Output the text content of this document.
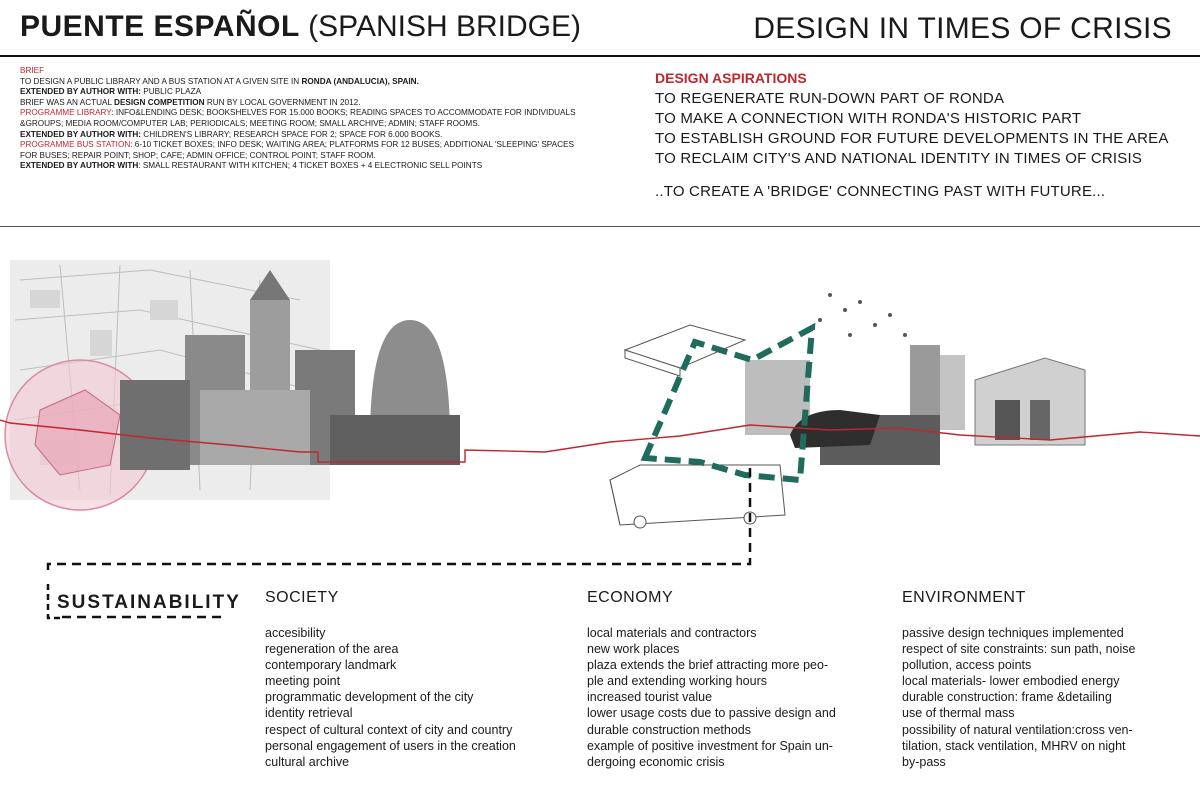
PUENTE ESPAÑOL (SPANISH BRIDGE)	DESIGN IN TIMES OF CRISIS
BRIEF
TO DESIGN A PUBLIC LIBRARY AND A BUS STATION AT A GIVEN SITE IN RONDA (ANDALUCIA), SPAIN.
EXTENDED BY AUTHOR WITH: PUBLIC PLAZA
BRIEF WAS AN ACTUAL DESIGN COMPETITION RUN BY LOCAL GOVERNMENT IN 2012.
PROGRAMME LIBRARY: INFO&LENDING DESK; BOOKSHELVES FOR 15.000 BOOKS; READING SPACES TO ACCOMMODATE FOR INDIVIDUALS &GROUPS; MEDIA ROOM/COMPUTER LAB; PERIODICALS; MEETING ROOM; SMALL ARCHIVE; ADMIN; STAFF ROOMS.
EXTENDED BY AUTHOR WITH: CHILDREN'S LIBRARY; RESEARCH SPACE FOR 2; SPACE FOR 6.000 BOOKS.
PROGRAMME BUS STATION: 6-10 TICKET BOXES; INFO DESK; WAITING AREA; PLATFORMS FOR 12 BUSES; ADDITIONAL 'SLEEPING' SPACES FOR BUSES; REPAIR POINT; SHOP; CAFE; ADMIN OFFICE; CONTROL POINT; STAFF ROOM.
EXTENDED BY AUTHOR WITH: SMALL RESTAURANT WITH KITCHEN; 4 TICKET BOXES + 4 ELECTRONIC SELL POINTS
DESIGN ASPIRATIONS
TO REGENERATE RUN-DOWN PART OF RONDA
TO MAKE A CONNECTION WITH RONDA'S HISTORIC PART
TO ESTABLISH GROUND FOR FUTURE DEVELOPMENTS IN THE AREA
TO RECLAIM CITY'S AND NATIONAL IDENTITY IN TIMES OF CRISIS
..TO CREATE A 'BRIDGE' CONNECTING PAST WITH FUTURE...
SUSTAINABILITY SOCIETY
accesibility
regeneration of the area
contemporary landmark
meeting point
programmatic development of the city
identity retrieval
respect of cultural context of city and country
personal engagement of users in the creation
cultural archive
ECONOMY
local materials and contractors
new work places
plaza extends the brief attracting more peo-
ple and extending working hours
increased tourist value
lower usage costs due to passive design and
durable construction methods
example of positive investment for Spain un-
dergoing economic crisis
ENVIRONMENT
passive design techniques implemented
respect of site constraints: sun path, noise
pollution, access points
local materials- lower embodied energy
durable construction: frame &detailing
use of thermal mass
possibility of natural ventilation:cross ven-
tilation, stack ventilation, MHRV on night
by-pass
